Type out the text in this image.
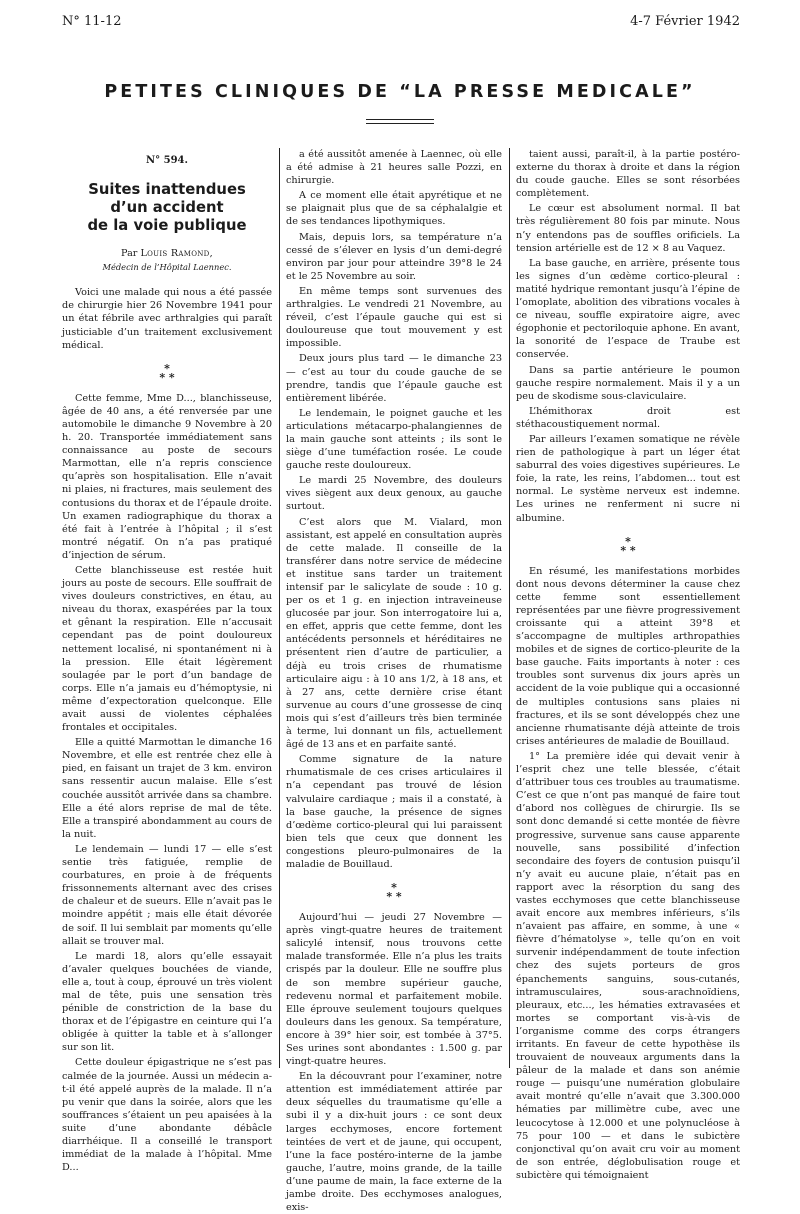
N° 11-12	4-7 Février 1942
PETITES CLINIQUES DE “LA PRESSE MEDICALE”
N° 594.
Suites inattendues
d’un accident
de la voie publique
Par Louis Ramond,
Médecin de l’Hôpital Laennec.

Voici une malade qui nous a été passée de chirurgie hier 26 Novembre 1941 pour un état fébrile avec arthralgies qui paraît justiciable d’un traitement exclusivement médical.

*
* *

Cette femme, Mme D..., blanchisseuse, âgée de 40 ans, a été renversée par une automobile le dimanche 9 Novembre à 20 h. 20. Transportée immédiatement sans connaissance au poste de secours Marmottan, elle n’a repris conscience qu’après son hospitalisation. Elle n’avait ni plaies, ni fractures, mais seulement des contusions du thorax et de l’épaule droite. Un examen radiographique du thorax a été fait à l’entrée à l’hôpital ; il s’est montré négatif. On n’a pas pratiqué d’injection de sérum.

Cette blanchisseuse est restée huit jours au poste de secours. Elle souffrait de vives douleurs constrictives, en étau, au niveau du thorax, exaspérées par la toux et gênant la respiration. Elle n’accusait cependant pas de point douloureux nettement localisé, ni spontanément ni à la pression. Elle était légèrement soulagée par le port d’un bandage de corps. Elle n’a jamais eu d’hémoptysie, ni même d’expectoration quelconque. Elle avait aussi de violentes céphalées frontales et occipitales.

Elle a quitté Marmottan le dimanche 16 Novembre, et elle est rentrée chez elle à pied, en faisant un trajet de 3 km. environ sans ressentir aucun malaise. Elle s’est couchée aussitôt arrivée dans sa chambre. Elle a été alors reprise de mal de tête. Elle a transpiré abondamment au cours de la nuit.

Le lendemain — lundi 17 — elle s’est sentie très fatiguée, remplie de courbatures, en proie à de fréquents frissonnements alternant avec des crises de chaleur et de sueurs. Elle n’avait pas le moindre appétit ; mais elle était dévorée de soif. Il lui semblait par moments qu’elle allait se trouver mal.

Le mardi 18, alors qu’elle essayait d’avaler quelques bouchées de viande, elle a, tout à coup, éprouvé un très violent mal de tête, puis une sensation très pénible de constriction de la base du thorax et de l’épigastre en ceinture qui l’a obligée à quitter la table et à s’allonger sur son lit.

Cette douleur épigastrique ne s’est pas calmée de la journée. Aussi un médecin a-t-il été appelé auprès de la malade. Il n’a pu venir que dans la soirée, alors que les souffrances s’étaient un peu apaisées à la suite d’une abondante débâcle diarrhéique. Il a conseillé le transport immédiat de la malade à l’hôpital. Mme D...

a été aussitôt amenée à Laennec, où elle a été admise à 21 heures salle Pozzi, en chirurgie.

A ce moment elle était apyrétique et ne se plaignait plus que de sa céphalalgie et de ses tendances lipothymiques.

Mais, depuis lors, sa température n’a cessé de s’élever en lysis d’un demi-degré environ par jour pour atteindre 39°8 le 24 et le 25 Novembre au soir.

En même temps sont survenues des arthralgies. Le vendredi 21 Novembre, au réveil, c’est l’épaule gauche qui est si douloureuse que tout mouvement y est impossible.

Deux jours plus tard — le dimanche 23 — c’est au tour du coude gauche de se prendre, tandis que l’épaule gauche est entièrement libérée.

Le lendemain, le poignet gauche et les articulations métacarpo-phalangiennes de la main gauche sont atteints ; ils sont le siège d’une tuméfaction rosée. Le coude gauche reste douloureux.

Le mardi 25 Novembre, des douleurs vives siègent aux deux genoux, au gauche surtout.

C’est alors que M. Vialard, mon assistant, est appelé en consultation auprès de cette malade. Il conseille de la transférer dans notre service de médecine et institue sans tarder un traitement intensif par le salicylate de soude : 10 g. per os et 1 g. en injection intraveineuse glucosée par jour. Son interrogatoire lui a, en effet, appris que cette femme, dont les antécédents personnels et héréditaires ne présentent rien d’autre de particulier, a déjà eu trois crises de rhumatisme articulaire aigu : à 10 ans 1/2, à 18 ans, et à 27 ans, cette dernière crise étant survenue au cours d’une grossesse de cinq mois qui s’est d’ailleurs très bien terminée à terme, lui donnant un fils, actuellement âgé de 13 ans et en parfaite santé.

Comme signature de la nature rhumatismale de ces crises articulaires il n’a cependant pas trouvé de lésion valvulaire cardiaque ; mais il a constaté, à la base gauche, la présence de signes d’œdème cortico-pleural qui lui paraissent bien tels que ceux que donnent les congestions pleuro-pulmonaires de la maladie de Bouillaud.

*
* *

Aujourd’hui — jeudi 27 Novembre — après vingt-quatre heures de traitement salicylé intensif, nous trouvons cette malade transformée. Elle n’a plus les traits crispés par la douleur. Elle ne souffre plus de son membre supérieur gauche, redevenu normal et parfaitement mobile. Elle éprouve seulement toujours quelques douleurs dans les genoux. Sa température, encore à 39° hier soir, est tombée à 37°5. Ses urines sont abondantes : 1.500 g. par vingt-quatre heures.

En la découvrant pour l’examiner, notre attention est immédiatement attirée par deux séquelles du traumatisme qu’elle a subi il y a dix-huit jours : ce sont deux larges ecchymoses, encore fortement teintées de vert et de jaune, qui occupent, l’une la face postéro-interne de la jambe gauche, l’autre, moins grande, de la taille d’une paume de main, la face externe de la jambe droite. Des ecchymoses analogues, exis-

taient aussi, paraît-il, à la partie postéro-externe du thorax à droite et dans la région du coude gauche. Elles se sont résorbées complètement.

Le cœur est absolument normal. Il bat très régulièrement 80 fois par minute. Nous n’y entendons pas de souffles orificiels. La tension artérielle est de 12 × 8 au Vaquez.

La base gauche, en arrière, présente tous les signes d’un œdème cortico-pleural : matité hydrique remontant jusqu’à l’épine de l’omoplate, abolition des vibrations vocales à ce niveau, souffle expiratoire aigre, avec égophonie et pectoriloquie aphone. En avant, la sonorité de l’espace de Traube est conservée.

Dans sa partie antérieure le poumon gauche respire normalement. Mais il y a un peu de skodisme sous-claviculaire.

L’hémithorax droit est stéthacoustiquement normal.

Par ailleurs l’examen somatique ne révèle rien de pathologique à part un léger état saburral des voies digestives supérieures. Le foie, la rate, les reins, l’abdomen... tout est normal. Le système nerveux est indemne. Les urines ne renferment ni sucre ni albumine.

*
* *

En résumé, les manifestations morbides dont nous devons déterminer la cause chez cette femme sont essentiellement représentées par une fièvre progressivement croissante qui a atteint 39°8 et s’accompagne de multiples arthropathies mobiles et de signes de cortico-pleurite de la base gauche. Faits importants à noter : ces troubles sont survenus dix jours après un accident de la voie publique qui a occasionné de multiples contusions sans plaies ni fractures, et ils se sont développés chez une ancienne rhumatisante déjà atteinte de trois crises antérieures de maladie de Bouillaud.

1° La première idée qui devait venir à l’esprit chez une telle blessée, c’était d’attribuer tous ces troubles au traumatisme. C’est ce que n’ont pas manqué de faire tout d’abord nos collègues de chirurgie. Ils se sont donc demandé si cette montée de fièvre progressive, survenue sans cause apparente nouvelle, sans possibilité d’infection secondaire des foyers de contusion puisqu’il n’y avait eu aucune plaie, n’était pas en rapport avec la résorption du sang des vastes ecchymoses que cette blanchisseuse avait encore aux membres inférieurs, s’ils n’avaient pas affaire, en somme, à une « fièvre d’hématolyse », telle qu’on en voit survenir indépendamment de toute infection chez des sujets porteurs de gros épanchements sanguins, sous-cutanés, intramusculaires, sous-arachnoïdiens, pleuraux, etc..., les hématies extravasées et mortes se comportant vis-à-vis de l’organisme comme des corps étrangers irritants. En faveur de cette hypothèse ils trouvaient de nouveaux arguments dans la pâleur de la malade et dans son anémie rouge — puisqu’une numération globulaire avait montré qu’elle n’avait que 3.300.000 hématies par millimètre cube, avec une leucocytose à 12.000 et une polynucléose à 75 pour 100 — et dans le subictère conjonctival qu’on avait cru voir au moment de son entrée, déglobulisation rouge et subictère qui témoignaient
